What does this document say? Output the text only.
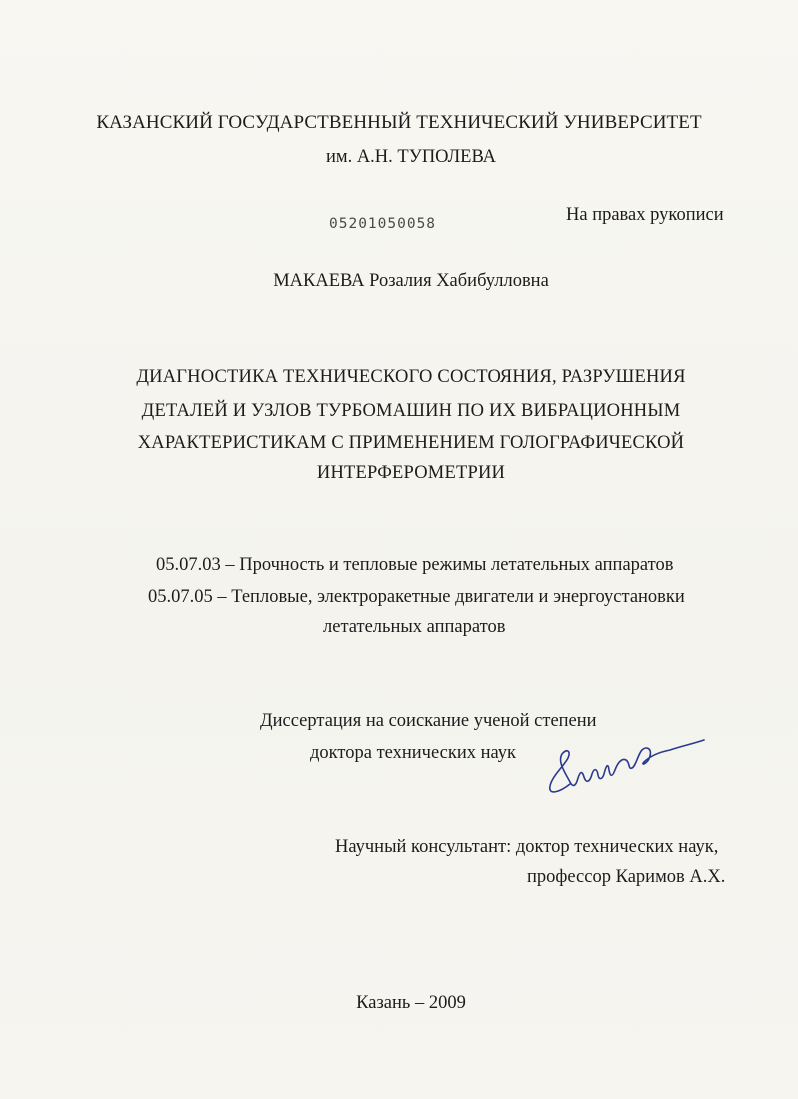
КАЗАНСКИЙ ГОСУДАРСТВЕННЫЙ ТЕХНИЧЕСКИЙ УНИВЕРСИТЕТ
им. А.Н. ТУПОЛЕВА
05201050058	На правах рукописи
МАКАЕВА Розалия Хабибулловна
ДИАГНОСТИКА ТЕХНИЧЕСКОГО СОСТОЯНИЯ, РАЗРУШЕНИЯ
ДЕТАЛЕЙ И УЗЛОВ ТУРБОМАШИН ПО ИХ ВИБРАЦИОННЫМ
ХАРАКТЕРИСТИКАМ С ПРИМЕНЕНИЕМ ГОЛОГРАФИЧЕСКОЙ
ИНТЕРФЕРОМЕТРИИ
05.07.03 – Прочность и тепловые режимы летательных аппаратов
05.07.05 – Тепловые, электроракетные двигатели и энергоустановки
летательных аппаратов
Диссертация на соискание ученой степени
доктора технических наук
Научный консультант: доктор технических наук,
профессор Каримов А.Х.
Казань – 2009
